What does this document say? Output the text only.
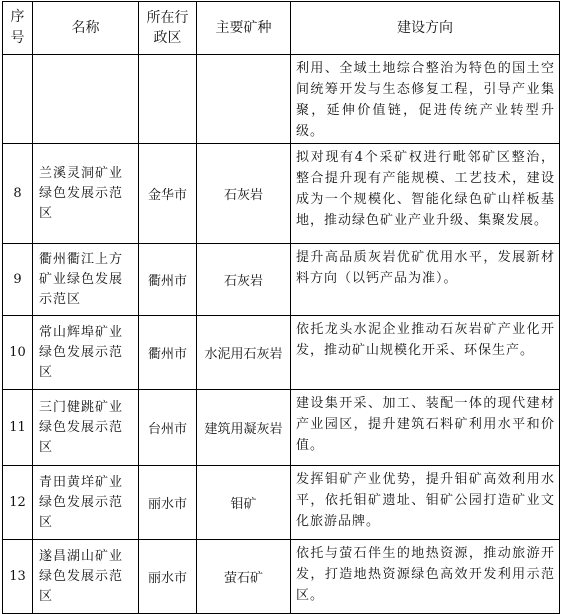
序号	名称	所在行政区	主要矿种	建设方向
				利用、全域土地综合整治为特色的国土空间统筹开发与生态修复工程，引导产业集聚，延伸价值链，促进传统产业转型升级。
8	兰溪灵洞矿业绿色发展示范区	金华市	石灰岩	拟对现有4个采矿权进行毗邻矿区整治，整合提升现有产能规模、工艺技术，建设成为一个规模化、智能化绿色矿山样板基地，推动绿色矿业产业升级、集聚发展。
9	衢州衢江上方矿业绿色发展示范区	衢州市	石灰岩	提升高品质灰岩优矿优用水平，发展新材料方向（以钙产品为准）。
10	常山辉埠矿业绿色发展示范区	衢州市	水泥用石灰岩	依托龙头水泥企业推动石灰岩矿产业化开发，推动矿山规模化开采、环保生产。
11	三门健跳矿业绿色发展示范区	台州市	建筑用凝灰岩	建设集开采、加工、装配一体的现代建材产业园区，提升建筑石料矿利用水平和价值。
12	青田黄垟矿业绿色发展示范区	丽水市	钼矿	发挥钼矿产业优势，提升钼矿高效利用水平，依托钼矿遗址、钼矿公园打造矿业文化旅游品牌。
13	遂昌湖山矿业绿色发展示范区	丽水市	萤石矿	依托与萤石伴生的地热资源，推动旅游开发，打造地热资源绿色高效开发利用示范区。
